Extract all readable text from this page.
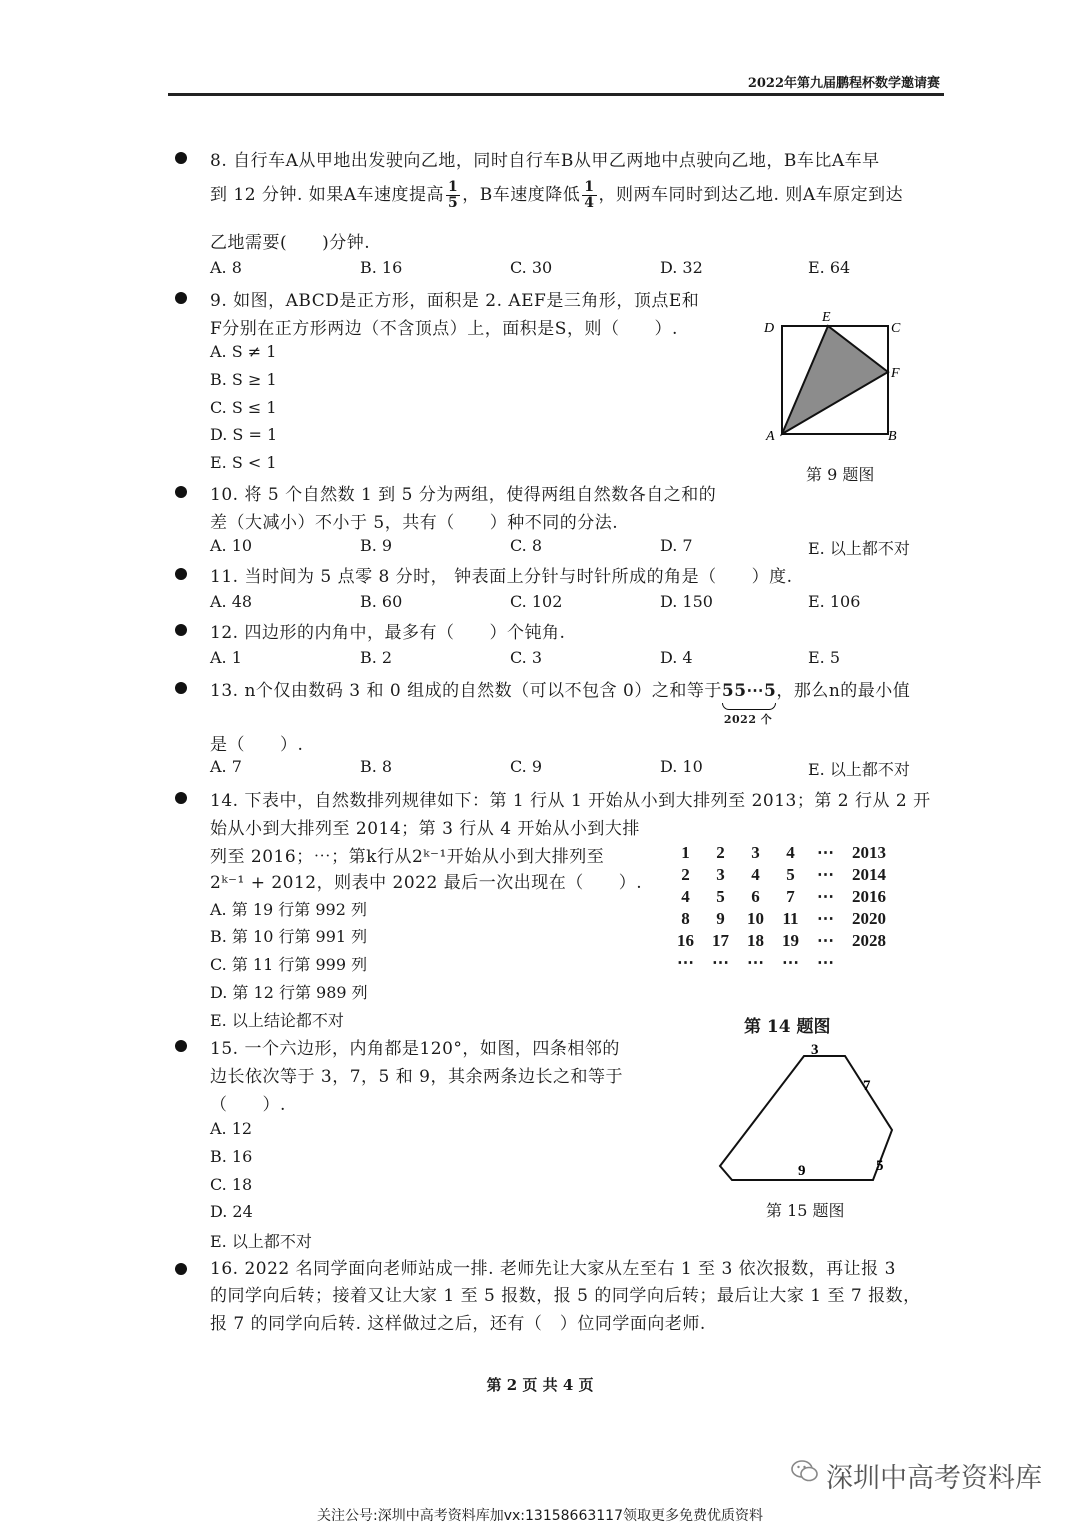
2022年第九届鹏程杯数学邀请赛
8. 自行车A从甲地出发驶向乙地，同时自行车B从甲乙两地中点驶向乙地，B车比A车早
到 12 分钟. 如果A车速度提高 $\frac{1}{5}$ ，B车速度降低 $\frac{1}{4}$ ，则两车同时到达乙地. 则A车原定到达
乙地需要(　　)分钟.
A. 8	B. 16	C. 30	D. 32	E. 64
9. 如图，ABCD是正方形，面积是 2. AEF是三角形，顶点E和
F分别在正方形两边（不含顶点）上，面积是S，则（　　）.
A. S ≠ 1
B. S ≥ 1
C. S ≤ 1
D. S = 1
E. S < 1
D
E
C
F
A	B
第 9 题图
10. 将 5 个自然数 1 到 5 分为两组，使得两组自然数各自之和的
差（大减小）不小于 5，共有（　　）种不同的分法.
A. 10	B. 9	C. 8	D. 7	E. 以上都不对
11. 当时间为 5 点零 8 分时， 钟表面上分针与时针所成的角是（　　）度.
A. 48	B. 60	C. 102	D. 150	E. 106
12. 四边形的内角中，最多有（　　）个钝角.
A. 1	B. 2	C. 3	D. 4	E. 5
13. n个仅由数码 3 和 0 组成的自然数（可以不包含 0）之和等于55⋯5
2022 个
，那么n的最小值
是（　　）.
A. 7	B. 8	C. 9	D. 10	E. 以上都不对
14. 下表中，自然数排列规律如下：第 1 行从 1 开始从小到大排列至 2013；第 2 行从 2 开
始从小到大排列至 2014；第 3 行从 4 开始从小到大排
列至 2016；⋯；第k行从2ᵏ⁻¹开始从小到大排列至
2ᵏ⁻¹ + 2012，则表中 2022 最后一次出现在（　　）.
A. 第 19 行第 992 列
B. 第 10 行第 991 列
C. 第 11 行第 999 列
D. 第 12 行第 989 列
E. 以上结论都不对
1	2	3	4	⋯	2013
2	3	4	5	⋯	2014
4	5	6	7	⋯	2016
8	9	10	11	⋯	2020
16	17	18	19	⋯	2028
⋯	⋯	⋯	⋯	⋯	
第 14 题图
15. 一个六边形，内角都是120°，如图，四条相邻的
边长依次等于 3，7，5 和 9，其余两条边长之和等于
（　　）.
A. 12
B. 16
C. 18
D. 24
E. 以上都不对
3
7
5
9
第 15 题图
16. 2022 名同学面向老师站成一排. 老师先让大家从左至右 1 至 3 依次报数，再让报 3
的同学向后转；接着又让大家 1 至 5 报数，报 5 的同学向后转；最后让大家 1 至 7 报数，
报 7 的同学向后转. 这样做过之后，还有（　）位同学面向老师.
第 2 页 共 4 页
深圳中高考资料库
关注公号:深圳中高考资料库加vx:13158663117领取更多免费优质资料
